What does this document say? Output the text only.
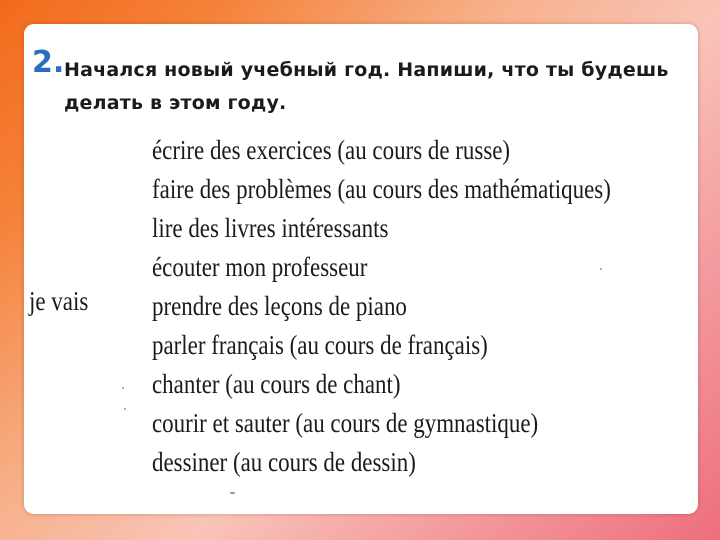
2. Начался новый учебный год. Напиши, что ты будешь делать в этом году.
je vais
écrire des exercices (au cours de russe)
faire des problèmes (au cours des mathématiques)
lire des livres intéressants
écouter mon professeur
prendre des leçons de piano
parler français (au cours de français)
chanter (au cours de chant)
courir et sauter (au cours de gymnastique)
dessiner (au cours de dessin)
